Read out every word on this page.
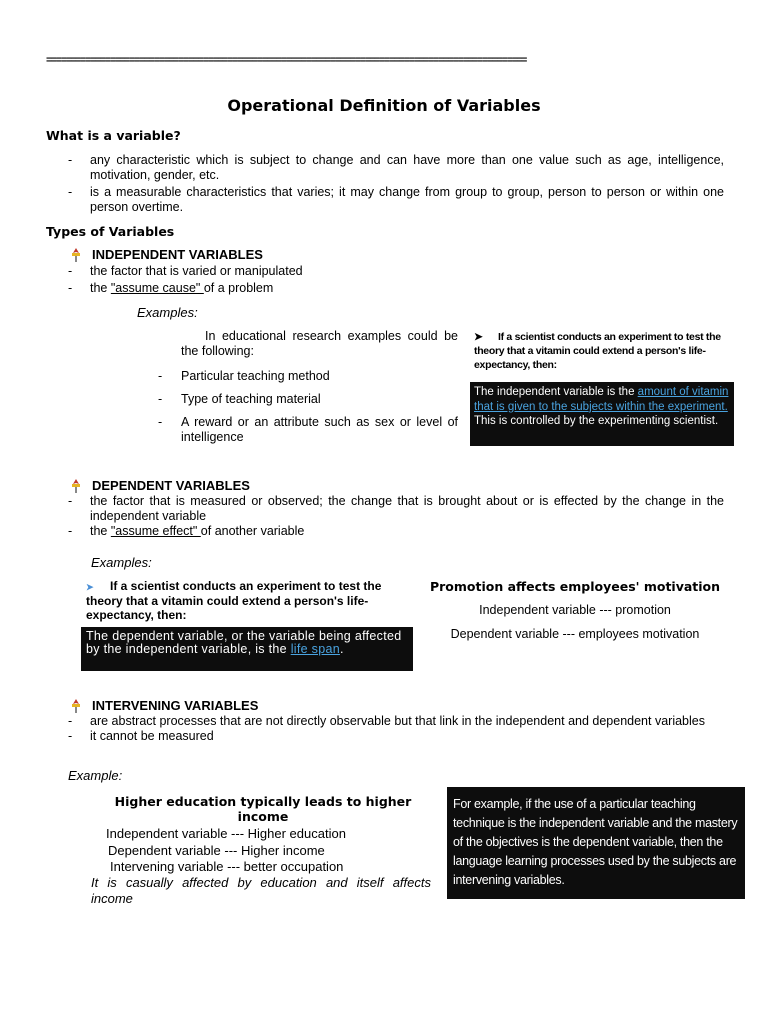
==================================================================================================
Operational Definition of Variables
What is a variable?
- any characteristic which is subject to change and can have more than one value such as age, intelligence, motivation, gender, etc.
- is a measurable characteristics that varies; it may change from group to group, person to person or within one person overtime.
Types of Variables
INDEPENDENT VARIABLES
- the factor that is varied or manipulated
- the "assume cause" of a problem
Examples:
In educational research examples could be the following:
- Particular teaching method
- Type of teaching material
- A reward or an attribute such as sex or level of intelligence
➤ If a scientist conducts an experiment to test the theory that a vitamin could extend a person's life-expectancy, then:
The independent variable is the amount of vitamin that is given to the subjects within the experiment. This is controlled by the experimenting scientist.
DEPENDENT VARIABLES
- the factor that is measured or observed; the change that is brought about or is effected by the change in the independent variable
- the "assume effect" of another variable
Examples:
➤ If a scientist conducts an experiment to test the theory that a vitamin could extend a person's life-expectancy, then:
The dependent variable, or the variable being affected by the independent variable, is the life span.
Promotion affects employees' motivation
Independent variable --- promotion
Dependent variable --- employees motivation
INTERVENING VARIABLES
- are abstract processes that are not directly observable but that link in the independent and dependent variables
- it cannot be measured
Example:
Higher education typically leads to higher income
Independent variable --- Higher education
Dependent variable --- Higher income
Intervening variable --- better occupation
It is casually affected by education and itself affects income
For example, if the use of a particular teaching technique is the independent variable and the mastery of the objectives is the dependent variable, then the language learning processes used by the subjects are intervening variables.
